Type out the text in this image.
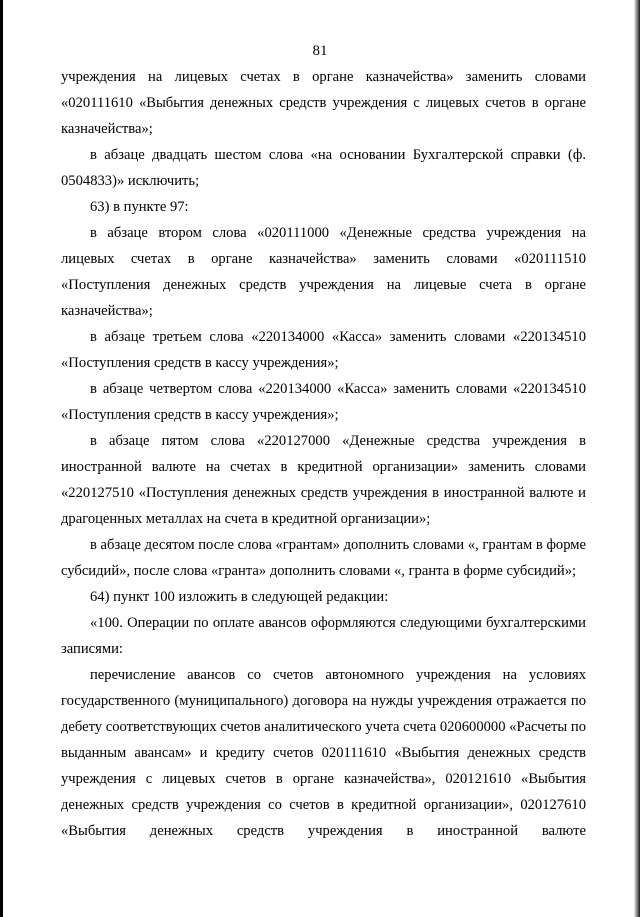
81

учреждения на лицевых счетах в органе казначейства» заменить словами «020111610 «Выбытия денежных средств учреждения с лицевых счетов в органе казначейства»;

в абзаце двадцать шестом слова «на основании Бухгалтерской справки (ф. 0504833)» исключить;

63) в пункте 97:

в абзаце втором слова «020111000 «Денежные средства учреждения на лицевых счетах в органе казначейства» заменить словами «020111510 «Поступления денежных средств учреждения на лицевые счета в органе казначейства»;

в абзаце третьем слова «220134000 «Касса» заменить словами «220134510 «Поступления средств в кассу учреждения»;

в абзаце четвертом слова «220134000 «Касса» заменить словами «220134510 «Поступления средств в кассу учреждения»;

в абзаце пятом слова «220127000 «Денежные средства учреждения в иностранной валюте на счетах в кредитной организации» заменить словами «220127510 «Поступления денежных средств учреждения в иностранной валюте и драгоценных металлах на счета в кредитной организации»;

в абзаце десятом после слова «грантам» дополнить словами «, грантам в форме субсидий», после слова «гранта» дополнить словами «, гранта в форме субсидий»;

64) пункт 100 изложить в следующей редакции:

«100. Операции по оплате авансов оформляются следующими бухгалтерскими записями:

перечисление авансов со счетов автономного учреждения на условиях государственного (муниципального) договора на нужды учреждения отражается по дебету соответствующих счетов аналитического учета счета 020600000 «Расчеты по выданным авансам» и кредиту счетов 020111610 «Выбытия денежных средств учреждения с лицевых счетов в органе казначейства», 020121610 «Выбытия денежных средств учреждения со счетов в кредитной организации», 020127610 «Выбытия денежных средств учреждения в иностранной валюте
